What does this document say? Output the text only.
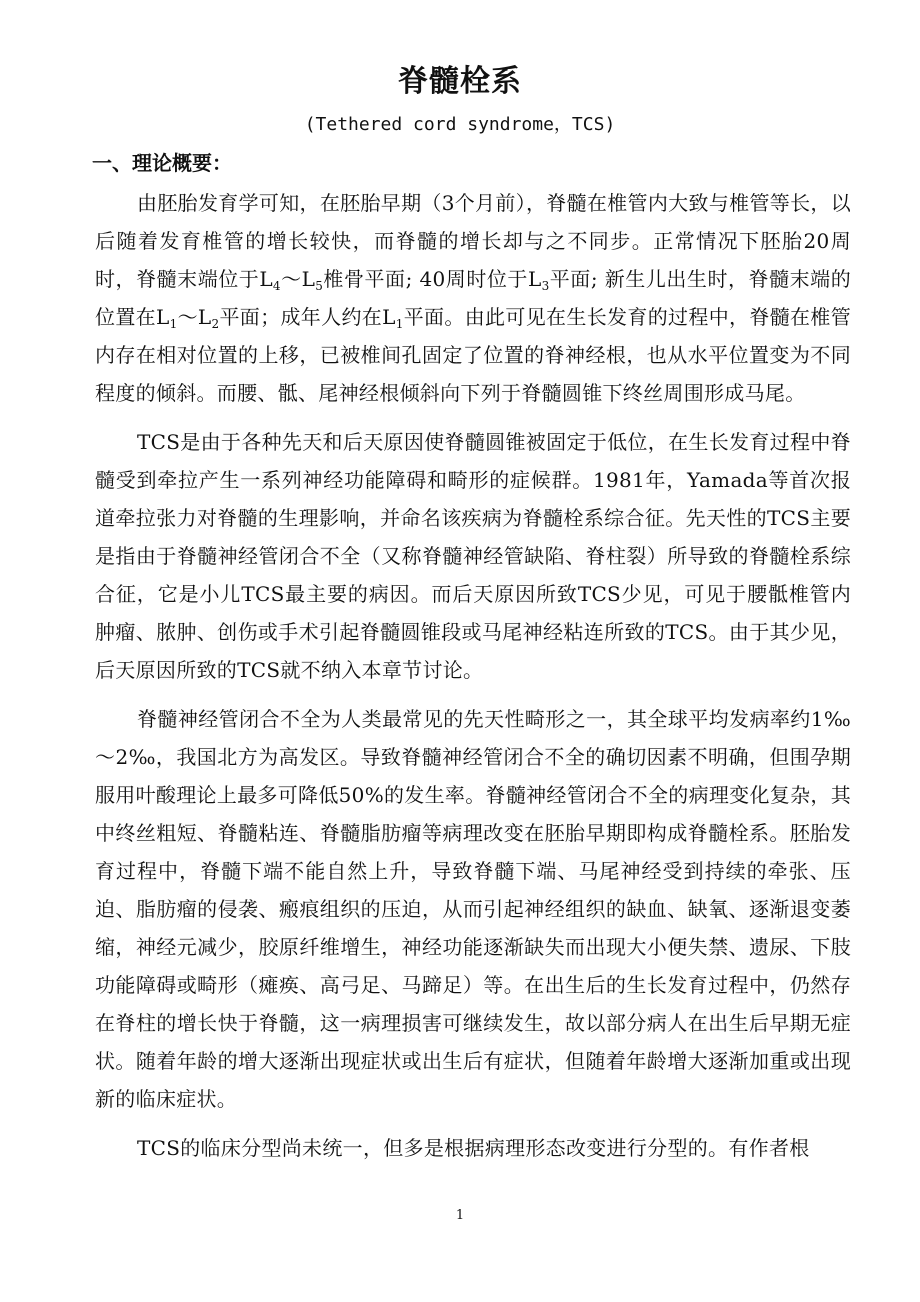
脊髓栓系
(Tethered cord syndrome，TCS)
一、理论概要：

由胚胎发育学可知，在胚胎早期（3个月前），脊髓在椎管内大致与椎管等长，以后随着发育椎管的增长较快，而脊髓的增长却与之不同步。正常情况下胚胎20周时，脊髓末端位于$L_4\sim L_5$椎骨平面; 40周时位于$L_3$平面; 新生儿出生时，脊髓末端的位置在$L_1\sim L_2$平面；成年人约在$L_1$平面。由此可见在生长发育的过程中，脊髓在椎管内存在相对位置的上移，已被椎间孔固定了位置的脊神经根，也从水平位置变为不同程度的倾斜。而腰、骶、尾神经根倾斜向下列于脊髓圆锥下终丝周围形成马尾。

TCS是由于各种先天和后天原因使脊髓圆锥被固定于低位，在生长发育过程中脊髓受到牵拉产生一系列神经功能障碍和畸形的症候群。1981年，Yamada等首次报道牵拉张力对脊髓的生理影响，并命名该疾病为脊髓栓系综合征。先天性的TCS主要是指由于脊髓神经管闭合不全（又称脊髓神经管缺陷、脊柱裂）所导致的脊髓栓系综合征，它是小儿TCS最主要的病因。而后天原因所致TCS少见，可见于腰骶椎管内肿瘤、脓肿、创伤或手术引起脊髓圆锥段或马尾神经粘连所致的TCS。由于其少见，后天原因所致的TCS就不纳入本章节讨论。

脊髓神经管闭合不全为人类最常见的先天性畸形之一，其全球平均发病率约1‰～2‰，我国北方为高发区。导致脊髓神经管闭合不全的确切因素不明确，但围孕期服用叶酸理论上最多可降低50%的发生率。脊髓神经管闭合不全的病理变化复杂，其中终丝粗短、脊髓粘连、脊髓脂肪瘤等病理改变在胚胎早期即构成脊髓栓系。胚胎发育过程中，脊髓下端不能自然上升，导致脊髓下端、马尾神经受到持续的牵张、压迫、脂肪瘤的侵袭、瘢痕组织的压迫，从而引起神经组织的缺血、缺氧、逐渐退变萎缩，神经元减少，胶原纤维增生，神经功能逐渐缺失而出现大小便失禁、遗尿、下肢功能障碍或畸形（瘫痪、高弓足、马蹄足）等。在出生后的生长发育过程中，仍然存在脊柱的增长快于脊髓，这一病理损害可继续发生，故以部分病人在出生后早期无症状。随着年龄的增大逐渐出现症状或出生后有症状，但随着年龄增大逐渐加重或出现新的临床症状。

TCS的临床分型尚未统一，但多是根据病理形态改变进行分型的。有作者根

1
